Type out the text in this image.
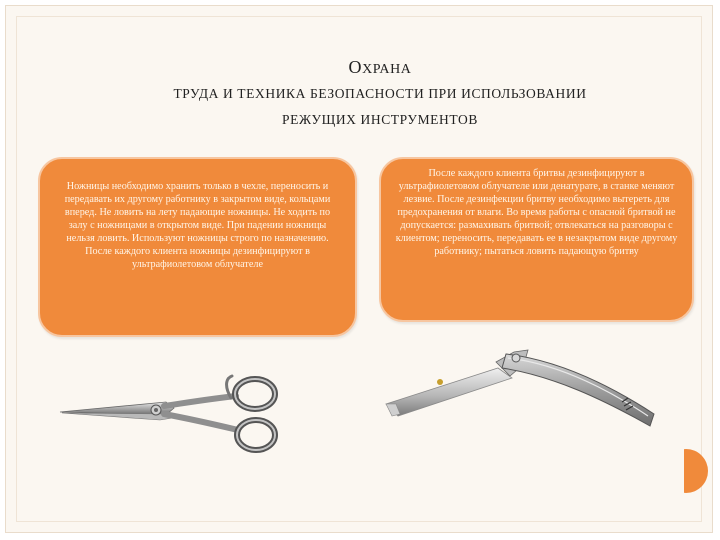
ОХРАНА
ТРУДА И ТЕХНИКА БЕЗОПАСНОСТИ ПРИ ИСПОЛЬЗОВАНИИ
РЕЖУЩИХ ИНСТРУМЕНТОВ

Ножницы необходимо хранить только в чехле, переносить и передавать их другому работнику в закрытом виде, кольцами вперед. Не ловить на лету падающие ножницы. Не ходить по залу с ножницами в открытом виде. При падении ножницы нельзя ловить. Используют ножницы строго по назначению. После каждого клиента ножницы дезинфицируют в ультрафиолетовом облучателе

После каждого клиента бритвы дезинфицируют в ультрафиолетовом облучателе или денатурате, в станке меняют лезвие. После дезинфекции бритву необходимо вытереть для предохранения от влаги. Во время работы с опасной бритвой не допускается: размахивать бритвой; отвлекаться на разговоры с клиентом; переносить, передавать ее в незакрытом виде другому работнику; пытаться ловить падающую бритву
